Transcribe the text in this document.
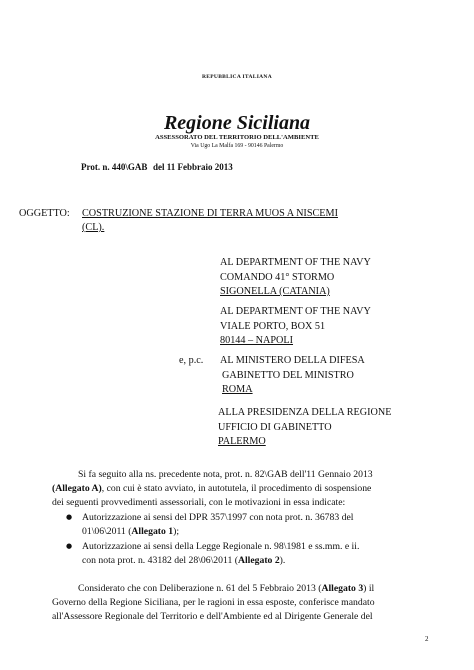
REPUBBLICA ITALIANA
Regione Siciliana
ASSESSORATO DEL TERRITORIO DELL'AMBIENTE
Via Ugo La Malfa 169 - 90146 Palermo
Prot. n. 440\GAB del 11 Febbraio 2013
OGGETTO: COSTRUZIONE STAZIONE DI TERRA MUOS A NISCEMI
(CL).
AL DEPARTMENT OF THE NAVY
COMANDO 41° STORMO
SIGONELLA (CATANIA)
AL DEPARTMENT OF THE NAVY
VIALE PORTO, BOX 51
80144 – NAPOLI
e, p.c. AL MINISTERO DELLA DIFESA
GABINETTO DEL MINISTRO
ROMA
ALLA PRESIDENZA DELLA REGIONE
UFFICIO DI GABINETTO
PALERMO
Si fa seguito alla ns. precedente nota, prot. n. 82\GAB dell'11 Gennaio 2013
(Allegato A), con cui è stato avviato, in autotutela, il procedimento di sospensione
dei seguenti provvedimenti assessoriali, con le motivazioni in essa indicate:
● Autorizzazione ai sensi del DPR 357\1997 con nota prot. n. 36783 del
01\06\2011 (Allegato 1);
● Autorizzazione ai sensi della Legge Regionale n. 98\1981 e ss.mm. e ii.
con nota prot. n. 43182 del 28\06\2011 (Allegato 2).
Considerato che con Deliberazione n. 61 del 5 Febbraio 2013 (Allegato 3) il
Governo della Regione Siciliana, per le ragioni in essa esposte, conferisce mandato
all'Assessore Regionale del Territorio e dell'Ambiente ed al Dirigente Generale del
2
